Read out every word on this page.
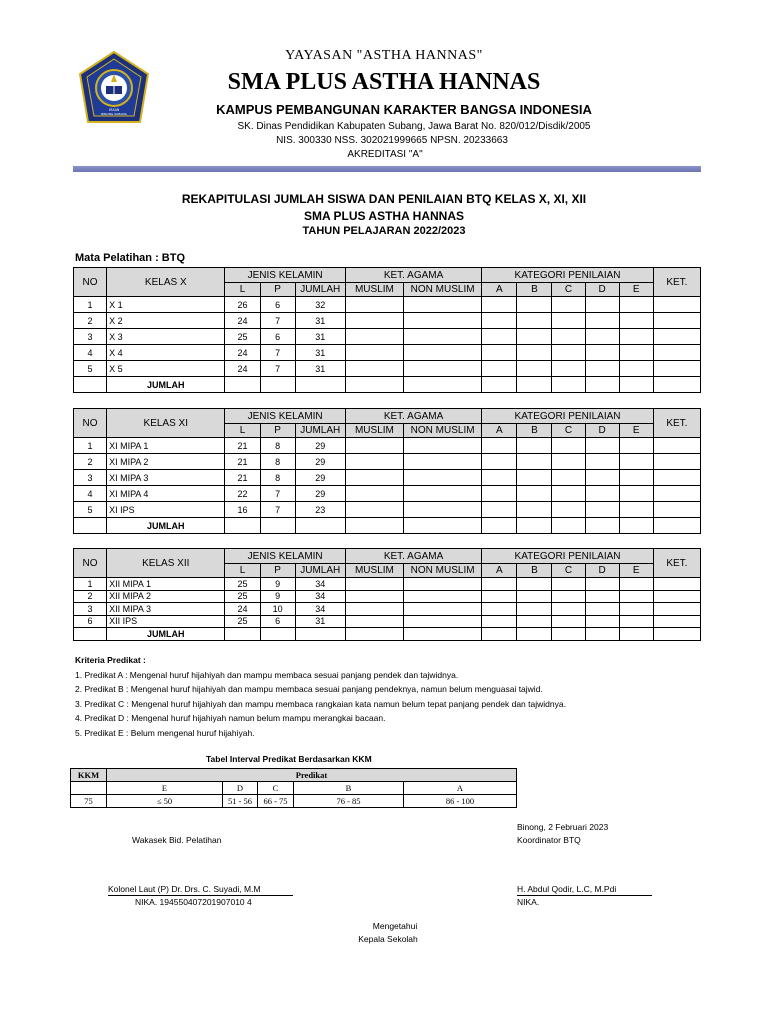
YASAN
BINONG SUBANG
YAYASAN "ASTHA HANNAS"
SMA PLUS ASTHA HANNAS
KAMPUS PEMBANGUNAN KARAKTER BANGSA INDONESIA
SK. Dinas Pendidikan Kabupaten Subang, Jawa Barat No. 820/012/Disdik/2005
NIS. 300330 NSS. 302021999665 NPSN. 20233663
AKREDITASI "A"
REKAPITULASI JUMLAH SISWA DAN PENILAIAN BTQ KELAS X, XI, XII
SMA PLUS ASTHA HANNAS
TAHUN PELAJARAN 2022/2023
Mata Pelatihan : BTQ
NO	KELAS X	JENIS KELAMIN			KET. AGAMA		KATEGORI PENILAIAN					KET.
		L	P	JUMLAH	MUSLIM	NON MUSLIM	A	B	C	D	E	
1	X 1	26	6	32								
2	X 2	24	7	31								
3	X 3	25	6	31								
4	X 4	24	7	31								
5	X 5	24	7	31								
	JUMLAH											
NO	KELAS XI	JENIS KELAMIN			KET. AGAMA		KATEGORI PENILAIAN					KET.
		L	P	JUMLAH	MUSLIM	NON MUSLIM	A	B	C	D	E	
1	XI MIPA 1	21	8	29								
2	XI MIPA 2	21	8	29								
3	XI MIPA 3	21	8	29								
4	XI MIPA 4	22	7	29								
5	XI IPS	16	7	23								
	JUMLAH											
NO	KELAS XII	JENIS KELAMIN			KET. AGAMA		KATEGORI PENILAIAN					KET.
		L	P	JUMLAH	MUSLIM	NON MUSLIM	A	B	C	D	E	
1	XII MIPA 1	25	9	34								
2	XII MIPA 2	25	9	34								
3	XII MIPA 3	24	10	34								
6	XII IPS	25	6	31								
	JUMLAH											
Kriteria Predikat :
1. Predikat A : Mengenal huruf hijahiyah dan mampu membaca sesuai panjang pendek dan tajwidnya.
2. Predikat B : Mengenal huruf hijahiyah dan mampu membaca sesuai panjang pendeknya, namun belum menguasai tajwid.
3. Predikat C : Mengenal huruf hijahiyah dan mampu membaca rangkaian kata namun belum tepat panjang pendek dan tajwidnya.
4. Predikat D : Mengenal huruf hijahiyah namun belum mampu merangkai bacaan.
5. Predikat E : Belum mengenal huruf hijahiyah.
Tabel Interval Predikat Berdasarkan KKM
KKM	Predikat				
	E	D	C	B	A
75	≤ 50	51 - 56	66 - 75	76 - 85	86 - 100
Wakasek Bid. Pelatihan
Kolonel Laut (P) Dr. Drs. C. Suyadi, M.M
NIKA. 194550407201907010 4
Binong, 2 Februari 2023
Koordinator BTQ
H. Abdul Qodir, L.C, M.Pdi
NIKA.
Mengetahui
Kepala Sekolah
